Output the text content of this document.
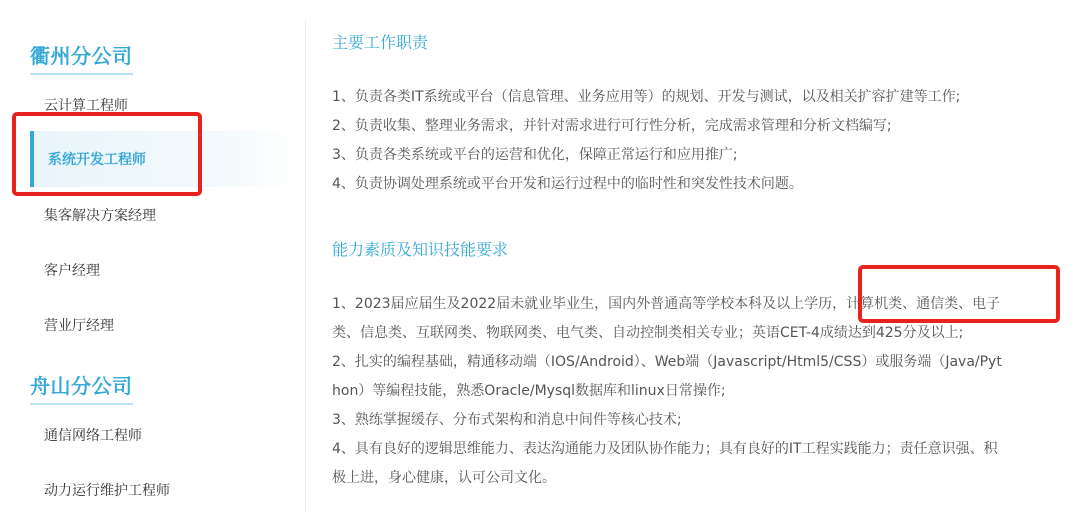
衢州分公司
云计算工程师
系统开发工程师
集客解决方案经理
客户经理
营业厅经理
舟山分公司
通信网络工程师
动力运行维护工程师
主要工作职责
1、负责各类IT系统或平台（信息管理、业务应用等）的规划、开发与测试，以及相关扩容扩建等工作;
2、负责收集、整理业务需求，并针对需求进行可行性分析，完成需求管理和分析文档编写;
3、负责各类系统或平台的运营和优化，保障正常运行和应用推广;
4、负责协调处理系统或平台开发和运行过程中的临时性和突发性技术问题。
能力素质及知识技能要求
1、2023届应届生及2022届未就业毕业生，国内外普通高等学校本科及以上学历，计算机类、通信类、电子
类、信息类、互联网类、物联网类、电气类、自动控制类相关专业；英语CET-4成绩达到425分及以上;
2、扎实的编程基础，精通移动端（IOS/Android）、Web端（Javascript/Html5/CSS）或服务端（Java/Pyt
hon）等编程技能，熟悉Oracle/Mysql数据库和linux日常操作;
3、熟练掌握缓存、分布式架构和消息中间件等核心技术;
4、具有良好的逻辑思维能力、表达沟通能力及团队协作能力；具有良好的IT工程实践能力；责任意识强、积
极上进，身心健康，认可公司文化。
